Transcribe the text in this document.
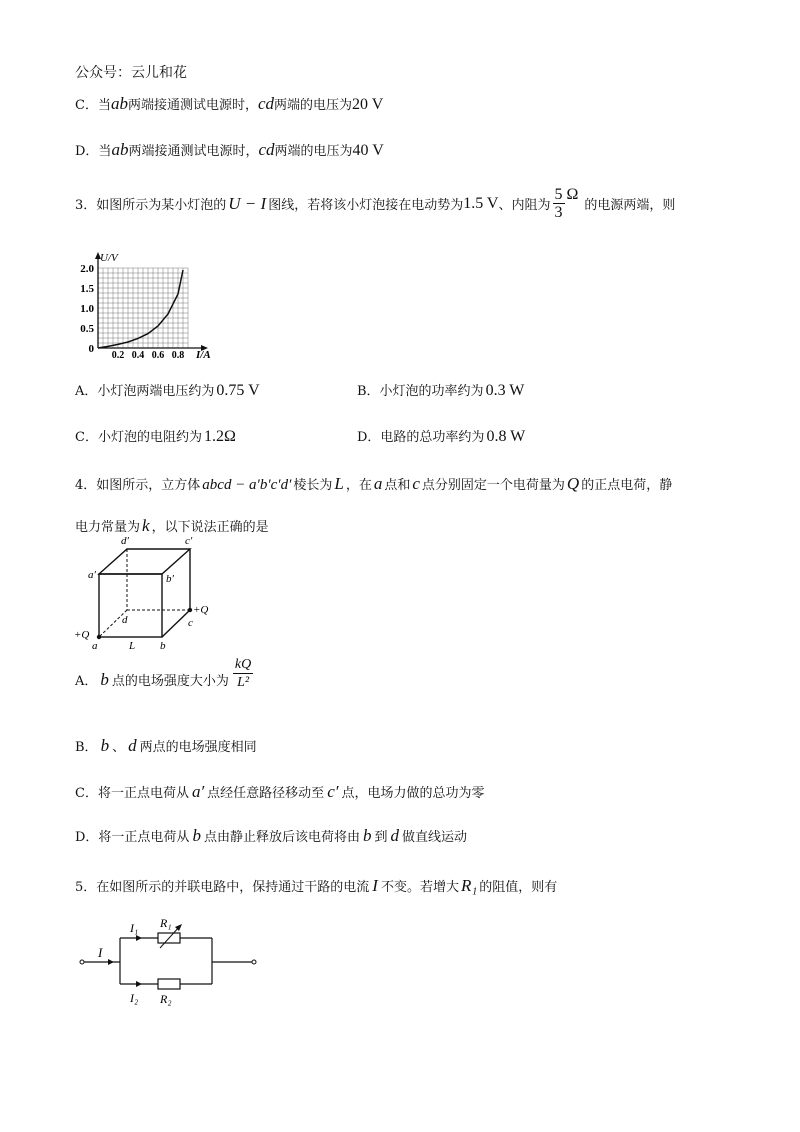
公众号：云儿和花
C．当 ab 两端接通测试电源时， cd 两端的电压为 20 V
D．当 ab 两端接通测试电源时， cd 两端的电压为 40 V
3．如图所示为某小灯泡的 U − I 图线，若将该小灯泡接在电动势为 1.5 V 、内阻为 $\frac{5}{3}$ Ω
的电源两端，则
U/V
I/A
2.0
1.5
1.0
0.5
0
0.2 0.4 0.6 0.8
A．小灯泡两端电压约为 0.75 V	B．小灯泡的功率约为 0.3 W
C．小灯泡的电阻约为 1.2Ω	D．电路的总功率约为 0.8 W
4．如图所示，立方体 abcd − a′b′c′d′ 棱长为 L ，在 a 点和 c 点分别固定一个电荷量为 Q 的正点电荷，静
电力常量为 k ，以下说法正确的是
d′	c′
a′	b′
d
+Q
c
+Q
a	L b
A． b 点的电场强度大小为 $\frac{kQ}{\text{L²}}$
B． b 、 d 两点的电场强度相同
C．将一正点电荷从 a′ 点经任意路径移动至 c′ 点，电场力做的总功为零
D．将一正点电荷从 b 点由静止释放后该电荷将由 b 到 d 做直线运动
5．在如图所示的并联电路中，保持通过干路的电流 I 不变。若增大 R₁ 的阻值，则有
I
I₁ R₁
I₂ R₂
